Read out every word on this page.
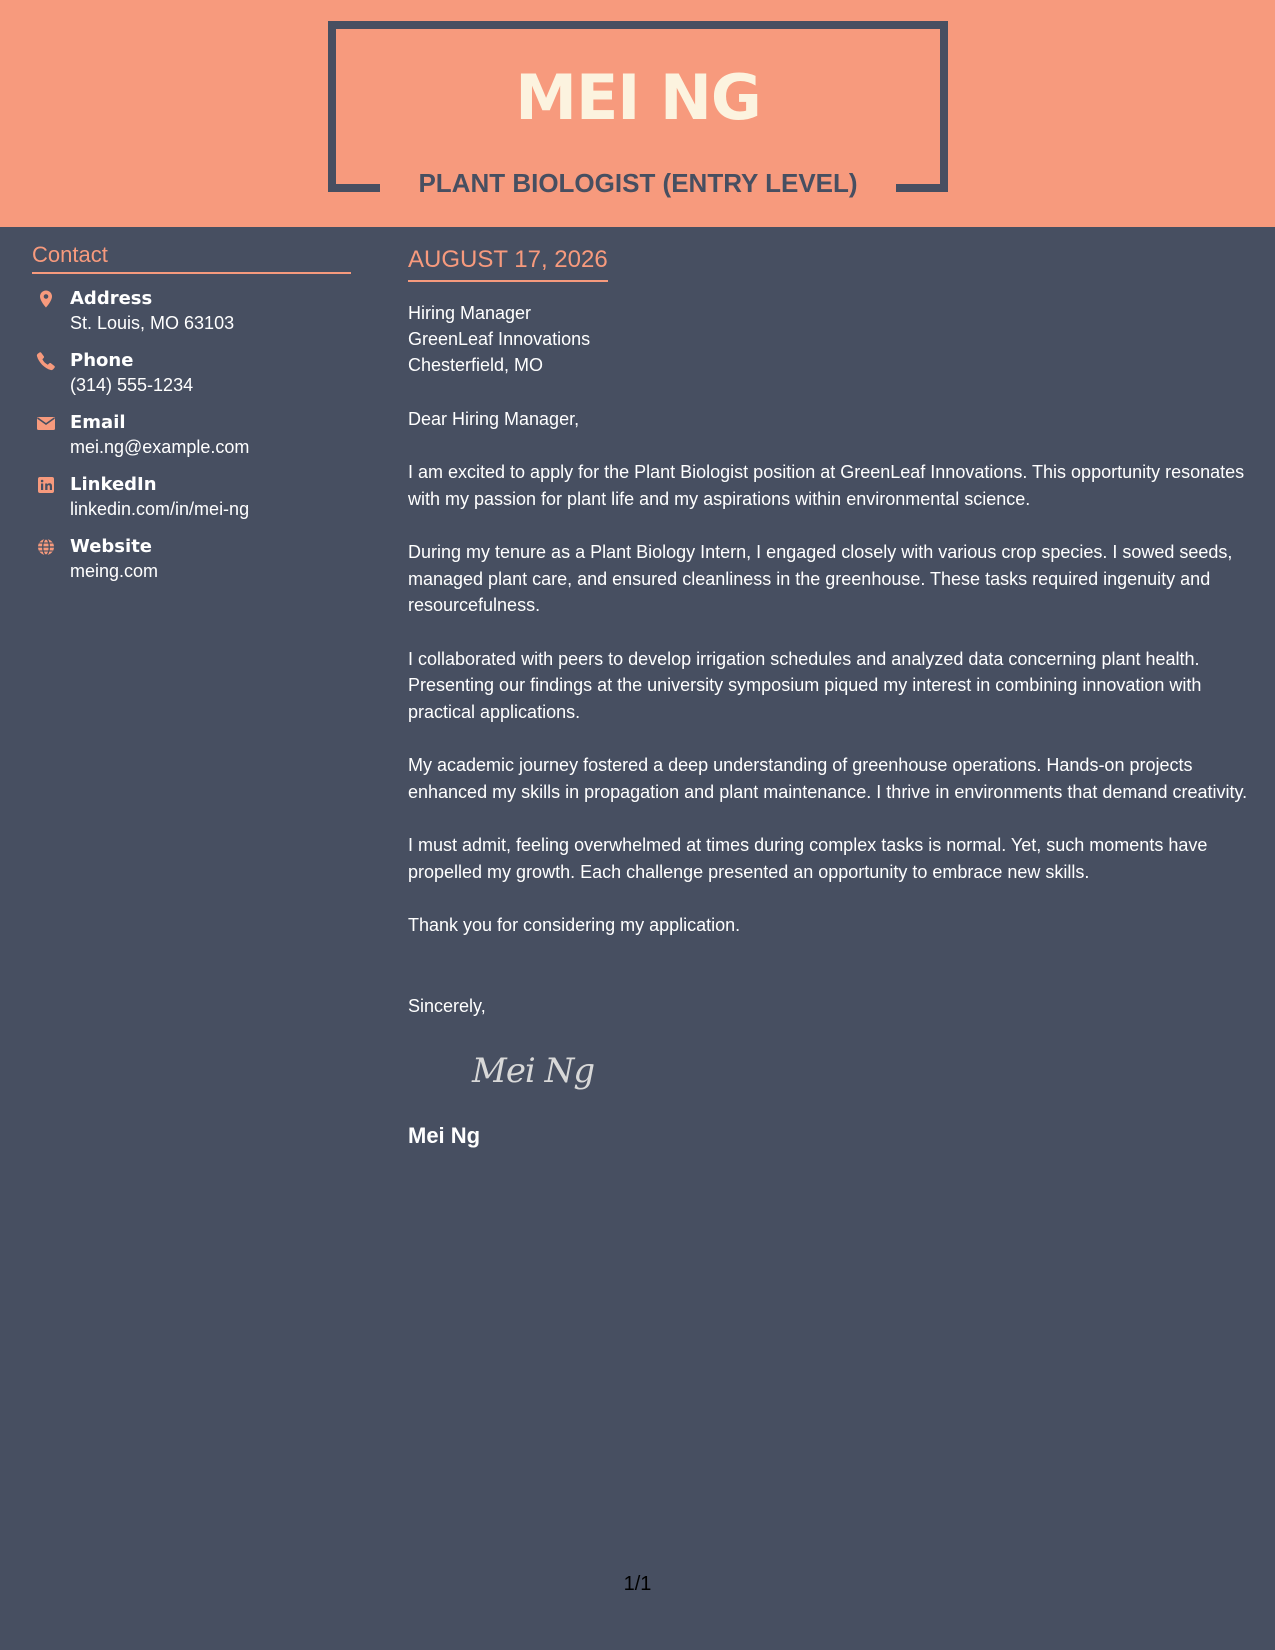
MEI NG
PLANT BIOLOGIST (ENTRY LEVEL)
Contact
Address
St. Louis, MO 63103
Phone
(314) 555-1234
Email
mei.ng@example.com
LinkedIn
linkedin.com/in/mei-ng
Website
meing.com
AUGUST 17, 2026
Hiring Manager
GreenLeaf Innovations
Chesterfield, MO
Dear Hiring Manager,
I am excited to apply for the Plant Biologist position at GreenLeaf Innovations. This opportunity resonates with my passion for plant life and my aspirations within environmental science.
During my tenure as a Plant Biology Intern, I engaged closely with various crop species. I sowed seeds, managed plant care, and ensured cleanliness in the greenhouse. These tasks required ingenuity and resourcefulness.
I collaborated with peers to develop irrigation schedules and analyzed data concerning plant health. Presenting our findings at the university symposium piqued my interest in combining innovation with practical applications.
My academic journey fostered a deep understanding of greenhouse operations. Hands-on projects enhanced my skills in propagation and plant maintenance. I thrive in environments that demand creativity.
I must admit, feeling overwhelmed at times during complex tasks is normal. Yet, such moments have propelled my growth. Each challenge presented an opportunity to embrace new skills.
Thank you for considering my application.
Sincerely,
Mei Ng
Mei Ng
1/1
